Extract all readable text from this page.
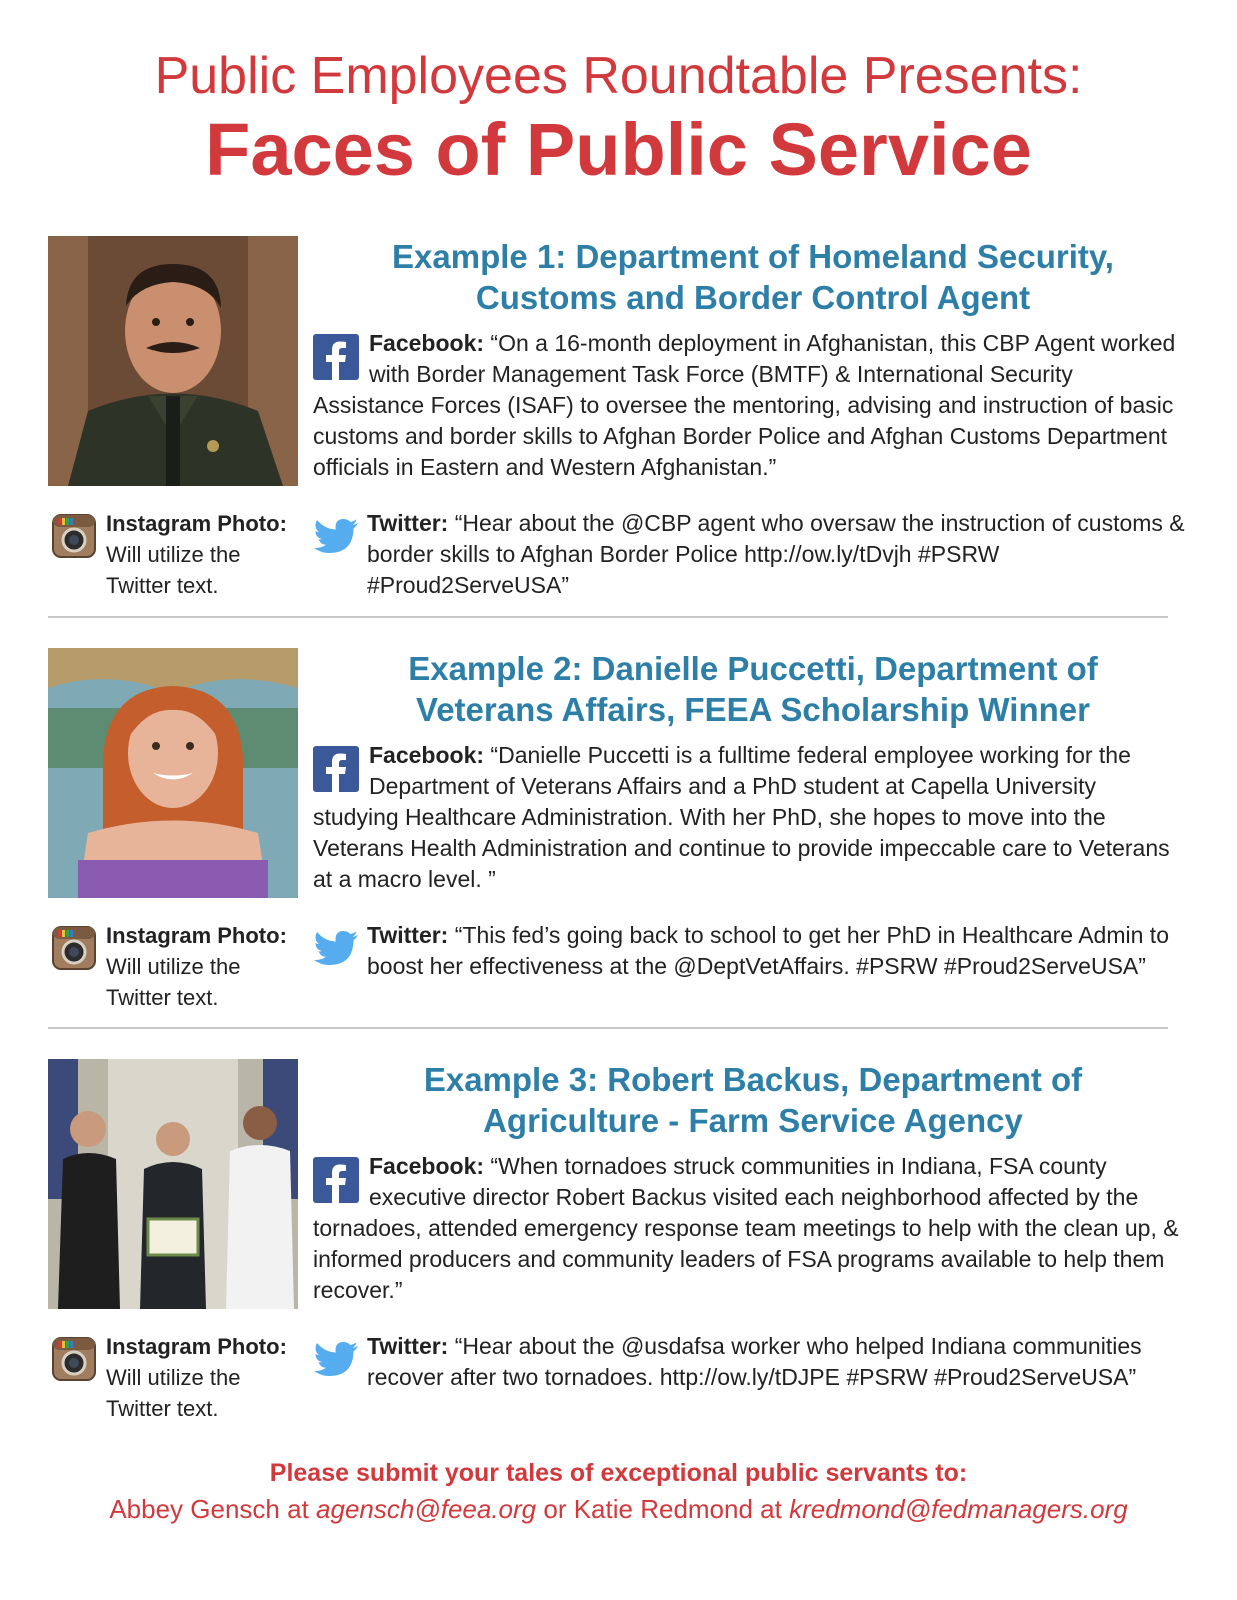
Public Employees Roundtable Presents:
Faces of Public Service
Example 1: Department of Homeland Security,
Customs and Border Control Agent
Facebook: “On a 16-month deployment in Afghanistan, this CBP Agent worked with Border Management Task Force (BMTF) & International Security Assistance Forces (ISAF) to oversee the mentoring, advising and instruction of basic customs and border skills to Afghan Border Police and Afghan Customs Department officials in Eastern and Western Afghanistan.”
Instagram Photo:
Will utilize the
Twitter text.
Twitter: “Hear about the @CBP agent who oversaw the instruction of customs & border skills to Afghan Border Police http://ow.ly/tDvjh #PSRW #Proud2ServeUSA”
Example 2: Danielle Puccetti, Department of
Veterans Affairs, FEEA Scholarship Winner
Facebook: “Danielle Puccetti is a fulltime federal employee working for the Department of Veterans Affairs and a PhD student at Capella University studying Healthcare Administration. With her PhD, she hopes to move into the Veterans Health Administration and continue to provide impeccable care to Veterans at a macro level. ”
Instagram Photo:
Will utilize the
Twitter text.
Twitter: “This fed’s going back to school to get her PhD in Healthcare Admin to boost her effectiveness at the @DeptVetAffairs. #PSRW #Proud2ServeUSA”
Example 3: Robert Backus, Department of
Agriculture - Farm Service Agency
Facebook: “When tornadoes struck communities in Indiana, FSA county executive director Robert Backus visited each neighborhood affected by the tornadoes, attended emergency response team meetings to help with the clean up, & informed producers and community leaders of FSA programs available to help them recover.”
Instagram Photo:
Will utilize the
Twitter text.
Twitter: “Hear about the @usdafsa worker who helped Indiana communities recover after two tornadoes. http://ow.ly/tDJPE #PSRW #Proud2ServeUSA”
Please submit your tales of exceptional public servants to:
Abbey Gensch at agensch@feea.org or Katie Redmond at kredmond@fedmanagers.org
